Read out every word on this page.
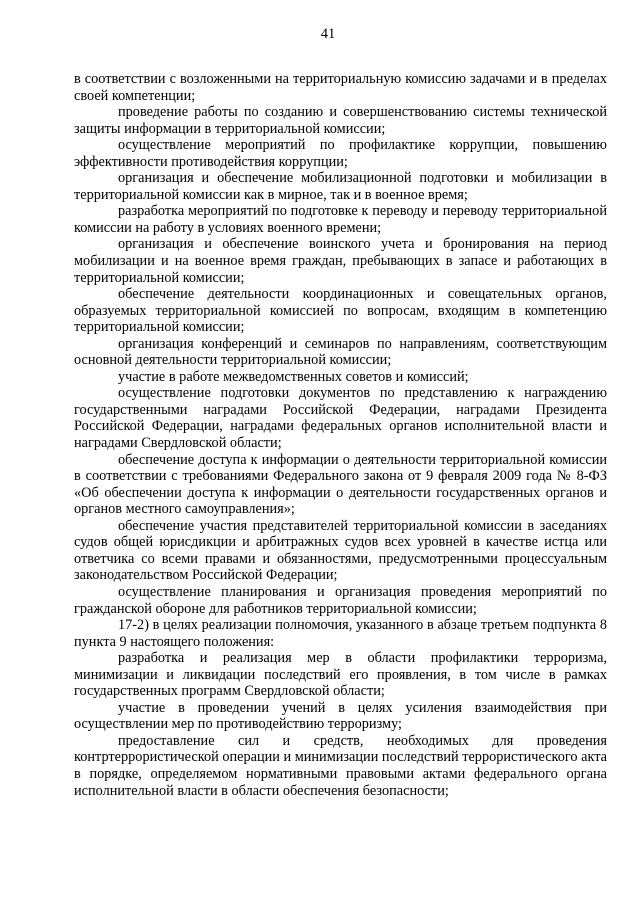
41

в соответствии с возложенными на территориальную комиссию задачами и в пределах своей компетенции;

проведение работы по созданию и совершенствованию системы технической защиты информации в территориальной комиссии;

осуществление мероприятий по профилактике коррупции, повышению эффективности противодействия коррупции;

организация и обеспечение мобилизационной подготовки и мобилизации в территориальной комиссии как в мирное, так и в военное время;

разработка мероприятий по подготовке к переводу и переводу территориальной комиссии на работу в условиях военного времени;

организация и обеспечение воинского учета и бронирования на период мобилизации и на военное время граждан, пребывающих в запасе и работающих в территориальной комиссии;

обеспечение деятельности координационных и совещательных органов, образуемых территориальной комиссией по вопросам, входящим в компетенцию территориальной комиссии;

организация конференций и семинаров по направлениям, соответствующим основной деятельности территориальной комиссии;

участие в работе межведомственных советов и комиссий;

осуществление подготовки документов по представлению к награждению государственными наградами Российской Федерации, наградами Президента Российской Федерации, наградами федеральных органов исполнительной власти и наградами Свердловской области;

обеспечение доступа к информации о деятельности территориальной комиссии в соответствии с требованиями Федерального закона от 9 февраля 2009 года № 8-ФЗ «Об обеспечении доступа к информации о деятельности государственных органов и органов местного самоуправления»;

обеспечение участия представителей территориальной комиссии в заседаниях судов общей юрисдикции и арбитражных судов всех уровней в качестве истца или ответчика со всеми правами и обязанностями, предусмотренными процессуальным законодательством Российской Федерации;

осуществление планирования и организация проведения мероприятий по гражданской обороне для работников территориальной комиссии;

17-2) в целях реализации полномочия, указанного в абзаце третьем подпункта 8 пункта 9 настоящего положения:

разработка и реализация мер в области профилактики терроризма, минимизации и ликвидации последствий его проявления, в том числе в рамках государственных программ Свердловской области;

участие в проведении учений в целях усиления взаимодействия при осуществлении мер по противодействию терроризму;

предоставление сил и средств, необходимых для проведения контртеррористической операции и минимизации последствий террористического акта в порядке, определяемом нормативными правовыми актами федерального органа исполнительной власти в области обеспечения безопасности;
